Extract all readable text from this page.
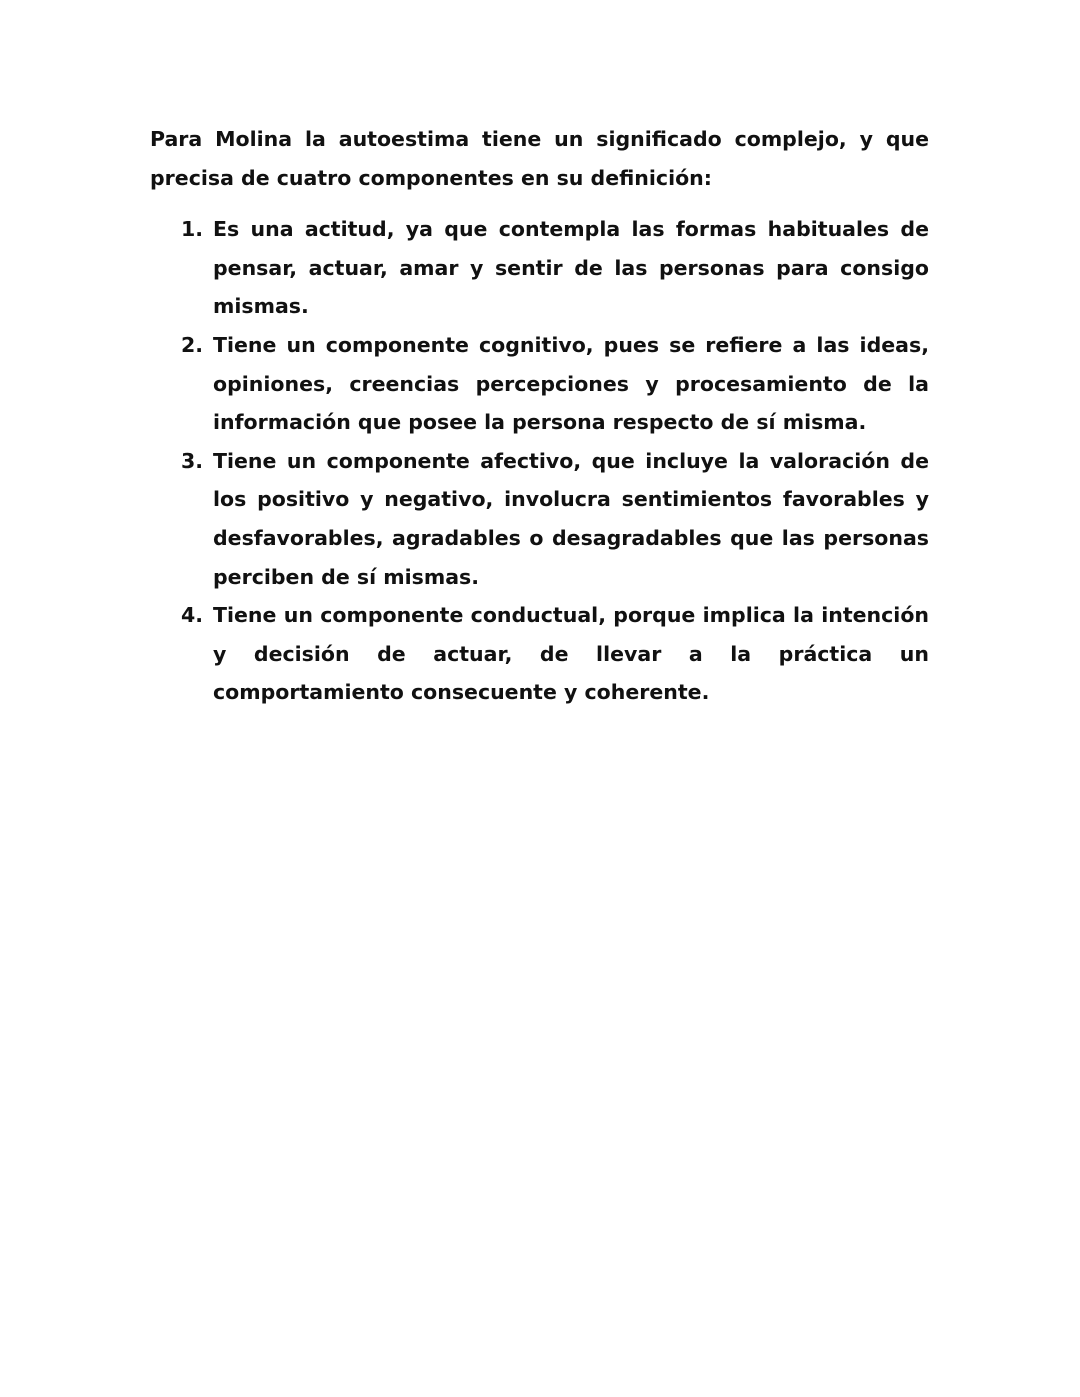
Para Molina la autoestima tiene un significado complejo, y que precisa de cuatro componentes en su definición:

1. Es una actitud, ya que contempla las formas habituales de pensar, actuar, amar y sentir de las personas para consigo mismas.
2. Tiene un componente cognitivo, pues se refiere a las ideas, opiniones, creencias percepciones y procesamiento de la información que posee la persona respecto de sí misma.
3. Tiene un componente afectivo, que incluye la valoración de los positivo y negativo, involucra sentimientos favorables y desfavorables, agradables o desagradables que las personas perciben de sí mismas.
4. Tiene un componente conductual, porque implica la intención y decisión de actuar, de llevar a la práctica un comportamiento consecuente y coherente.
